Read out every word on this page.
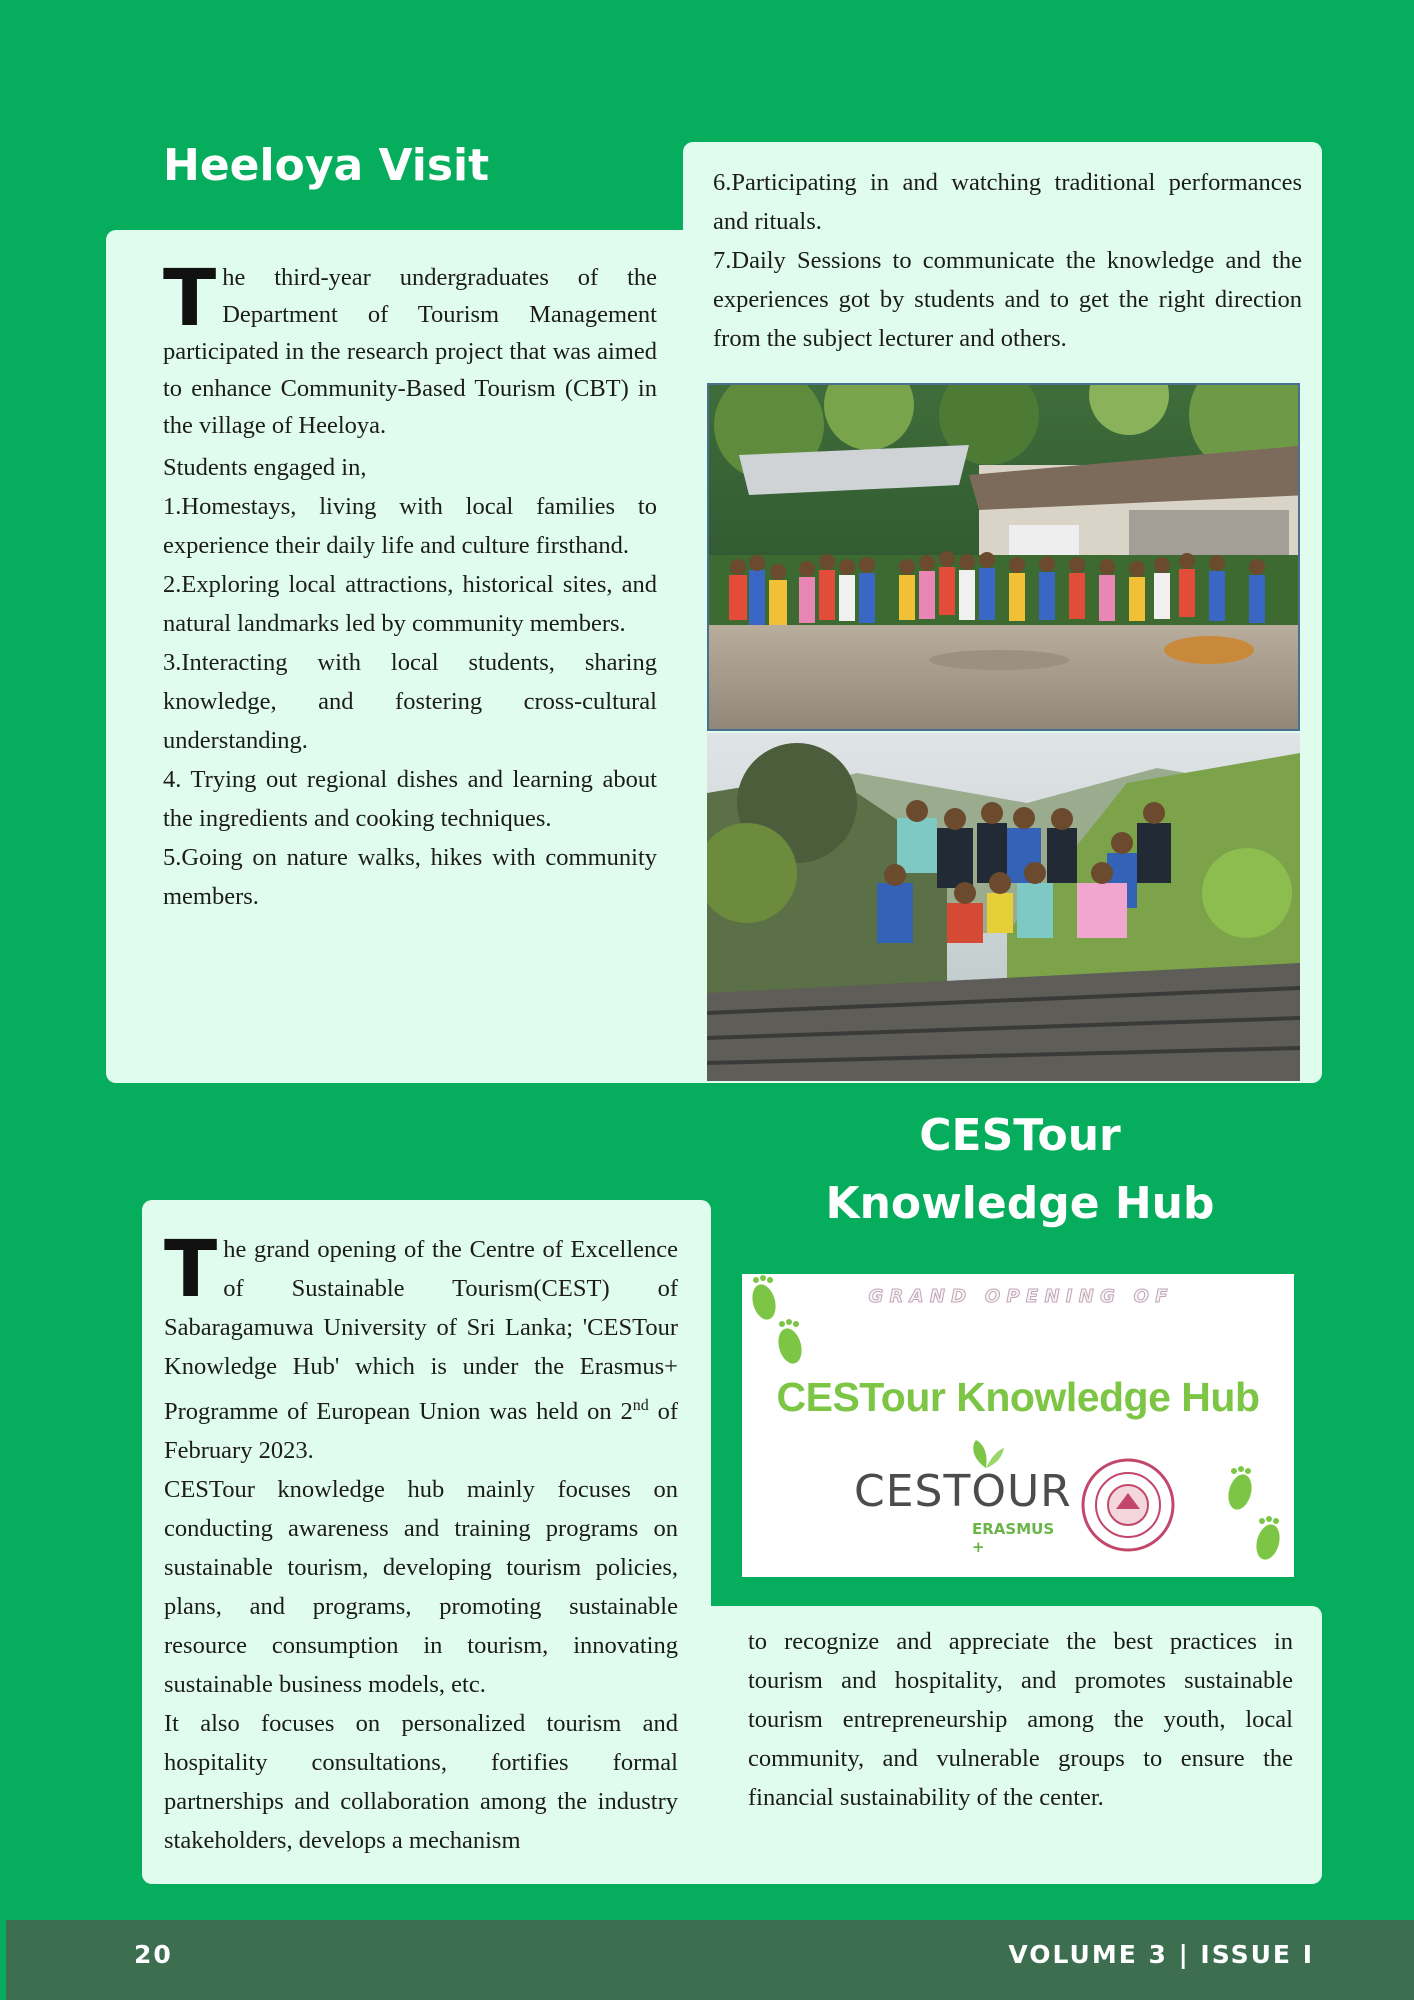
Heeloya Visit
T he third-year undergraduates of the Department of Tourism Management participated in the research project that was aimed to enhance Community-Based Tourism (CBT) in the village of Heeloya.

Students engaged in,

1.Homestays, living with local families to experience their daily life and culture firsthand.

2.Exploring local attractions, historical sites, and natural landmarks led by community members.

3.Interacting with local students, sharing knowledge, and fostering cross-cultural understanding.

4. Trying out regional dishes and learning about the ingredients and cooking techniques.

5.Going on nature walks, hikes with community members.

6.Participating in and watching traditional performances and rituals.

7.Daily Sessions to communicate the knowledge and the experiences got by students and to get the right direction from the subject lecturer and others.

CESTour
Knowledge Hub
T he grand opening of the Centre of Excellence of Sustainable Tourism(CEST) of Sabaragamuwa University of Sri Lanka; 'CESTour Knowledge Hub' which is under the Erasmus+ Programme of European Union was held on 2nd of February 2023.

CESTour knowledge hub mainly focuses on conducting awareness and training programs on sustainable tourism, developing tourism policies, plans, and programs, promoting sustainable resource consumption in tourism, innovating sustainable business models, etc.

It also focuses on personalized tourism and hospitality consultations, fortifies formal partnerships and collaboration among the industry stakeholders, develops a mechanism

to recognize and appreciate the best practices in tourism and hospitality, and promotes sustainable tourism entrepreneurship among the youth, local community, and vulnerable groups to ensure the financial sustainability of the center.

G R A N D   O P E N I N G   O F
CESTour Knowledge Hub
CESTOUR
ERASMUS +
20	VOLUME 3 | ISSUE I
